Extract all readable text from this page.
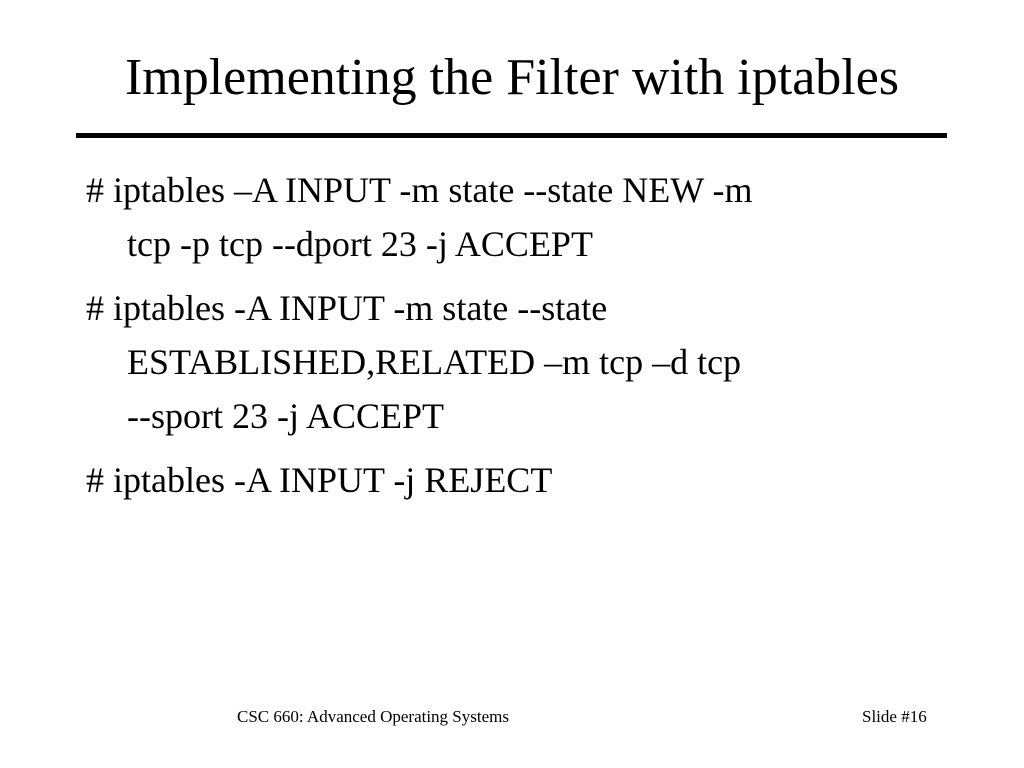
Implementing the Filter with iptables
# iptables –A INPUT -m state --state NEW -m
tcp -p tcp --dport 23 -j ACCEPT
# iptables -A INPUT -m state --state
ESTABLISHED,RELATED –m tcp –d tcp
--sport 23 -j ACCEPT
# iptables -A INPUT -j REJECT
CSC 660: Advanced Operating Systems	Slide #16
